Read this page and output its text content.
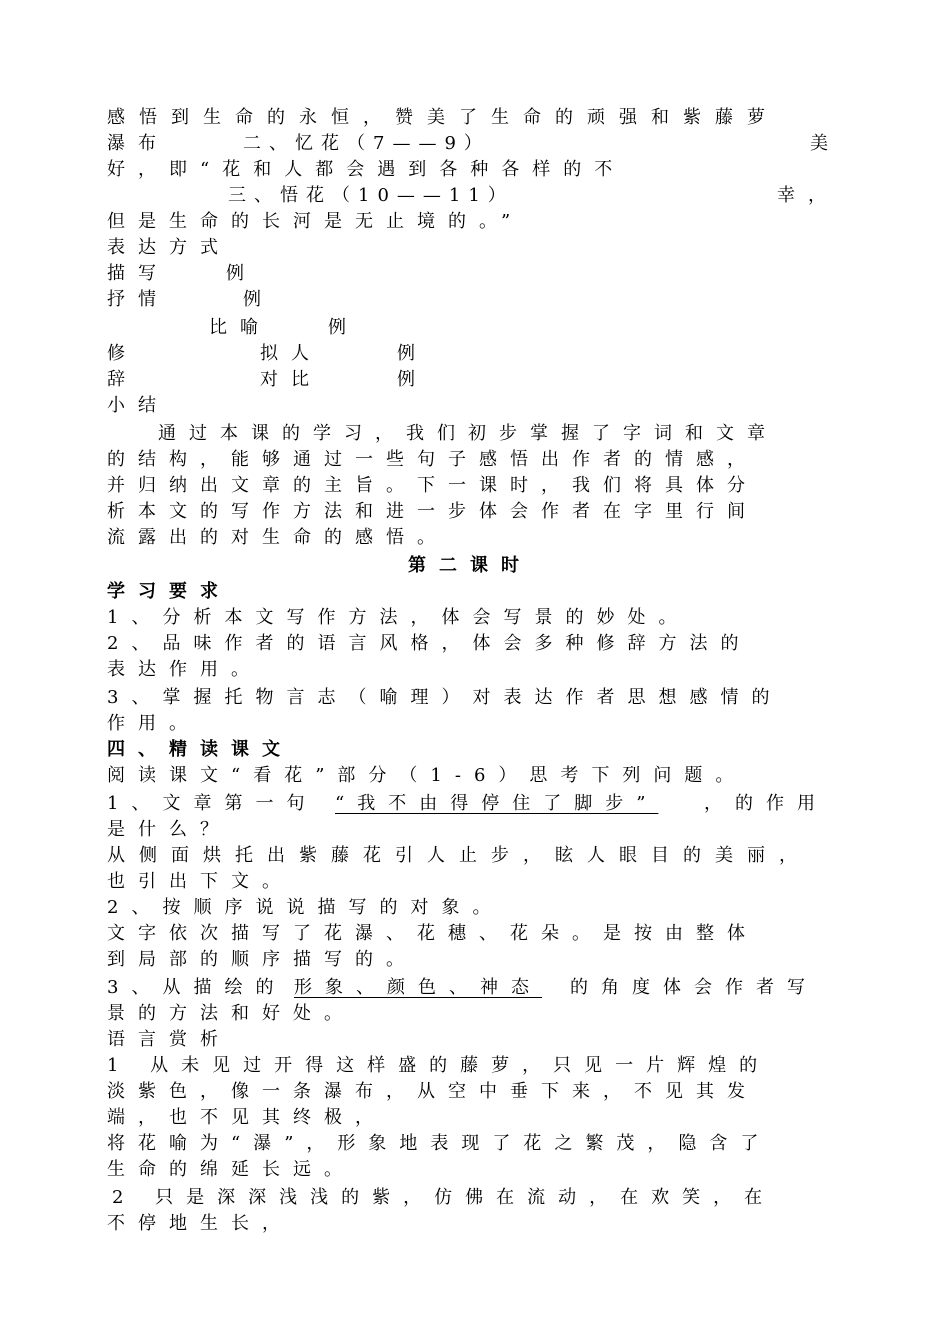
感悟到生命的永恒，赞美了生命的顽强和紫藤萝
瀑布	二、忆花（7——9）	美
好，即“花和人都会遇到各种各样的不
三、悟花（10——11）	幸，
但是生命的长河是无止境的。”
表达方式
描写	例
抒情	例
比喻	例
修	拟人	例
辞	对比	例
小结
通过本课的学习，我们初步掌握了字词和文章
的结构，能够通过一些句子感悟出作者的情感，
并归纳出文章的主旨。下一课时，我们将具体分
析本文的写作方法和进一步体会作者在字里行间
流露出的对生命的感悟。
第二课时
学习要求
1、分析本文写作方法，体会写景的妙处。
2、品味作者的语言风格，体会多种修辞方法的
表达作用。
3、掌握托物言志（喻理）对表达作者思想感情的
作用。
四、精读课文
阅读课文“看花”部分（1-6）思考下列问题。
1、文章第一句 “我不由得停住了脚步”	，的作用
是什么？
从侧面烘托出紫藤花引人止步，眩人眼目的美丽，
也引出下文。
2、按顺序说说描写的对象。
文字依次描写了花瀑、花穗、花朵。是按由整体
到局部的顺序描写的。
3、从描绘的 形象、颜色、神态 的角度体会作者写
景的方法和好处。
语言赏析
1 从未见过开得这样盛的藤萝，只见一片辉煌的
淡紫色，像一条瀑布，从空中垂下来，不见其发
端，也不见其终极，
将花喻为“瀑”，形象地表现了花之繁茂，隐含了
生命的绵延长远。
2 只是深深浅浅的紫，仿佛在流动，在欢笑，在
不停地生长，
